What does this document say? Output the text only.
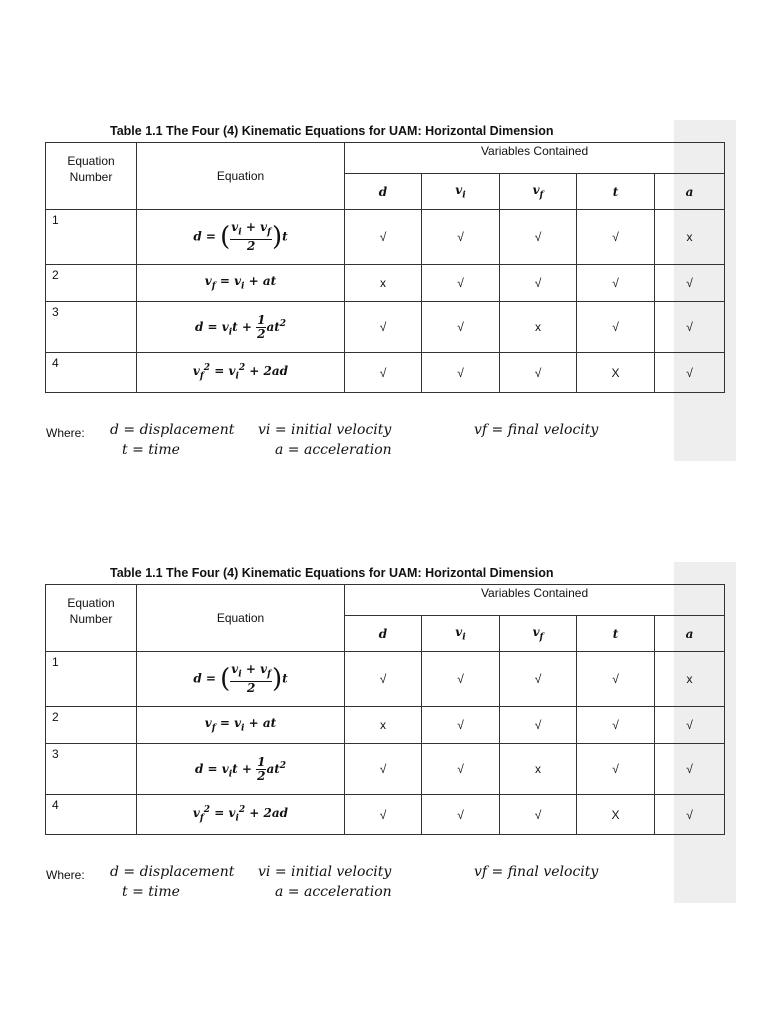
Table 1.1 The Four (4) Kinematic Equations for UAM: Horizontal Dimension
Equation Number	Equation	Variables Contained				
		d	$v_i$	$v_f$	t	a
1	d = ( $\frac{v_i + v_f}{2} )t$	√	√	√	√	x
2	$v_f = v_i$ + at	x	√	√	√	√
3	$d = v_it + \frac{1}{2} at^2$	√	√	x	√	√
4	$v_f^2 = v_i^2 + 2ad$	√	√	√	X	√
Where: d = displacement vi = initial velocity	vf = final velocity
t = time	a = acceleration
Table 1.1 The Four (4) Kinematic Equations for UAM: Horizontal Dimension
Equation Number	Equation	Variables Contained				
		d	$v_i$	$v_f$	t	a
1	d = ( $\frac{v_i + v_f}{2} )t$	√	√	√	√	x
2	$v_f = v_i$ + at	x	√	√	√	√
3	$d = v_it + \frac{1}{2} at^2$	√	√	x	√	√
4	$v_f^2 = v_i^2 + 2ad$	√	√	√	X	√
Where: d = displacement vi = initial velocity	vf = final velocity
t = time	a = acceleration
